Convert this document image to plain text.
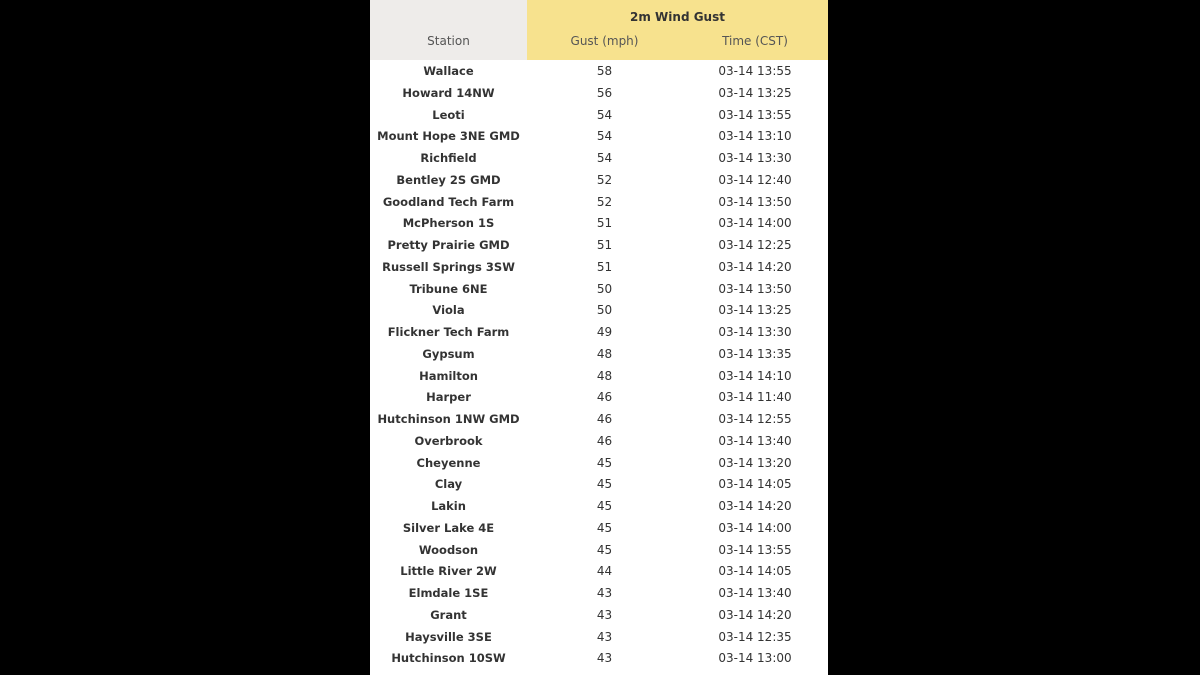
Station
2m Wind Gust
Gust (mph)	Time (CST)
Wallace	58	03-14 13:55
Howard 14NW	56	03-14 13:25
Leoti	54	03-14 13:55
Mount Hope 3NE GMD	54	03-14 13:10
Richfield	54	03-14 13:30
Bentley 2S GMD	52	03-14 12:40
Goodland Tech Farm	52	03-14 13:50
McPherson 1S	51	03-14 14:00
Pretty Prairie GMD	51	03-14 12:25
Russell Springs 3SW	51	03-14 14:20
Tribune 6NE	50	03-14 13:50
Viola	50	03-14 13:25
Flickner Tech Farm	49	03-14 13:30
Gypsum	48	03-14 13:35
Hamilton	48	03-14 14:10
Harper	46	03-14 11:40
Hutchinson 1NW GMD	46	03-14 12:55
Overbrook	46	03-14 13:40
Cheyenne	45	03-14 13:20
Clay	45	03-14 14:05
Lakin	45	03-14 14:20
Silver Lake 4E	45	03-14 14:00
Woodson	45	03-14 13:55
Little River 2W	44	03-14 14:05
Elmdale 1SE	43	03-14 13:40
Grant	43	03-14 14:20
Haysville 3SE	43	03-14 12:35
Hutchinson 10SW	43	03-14 13:00
